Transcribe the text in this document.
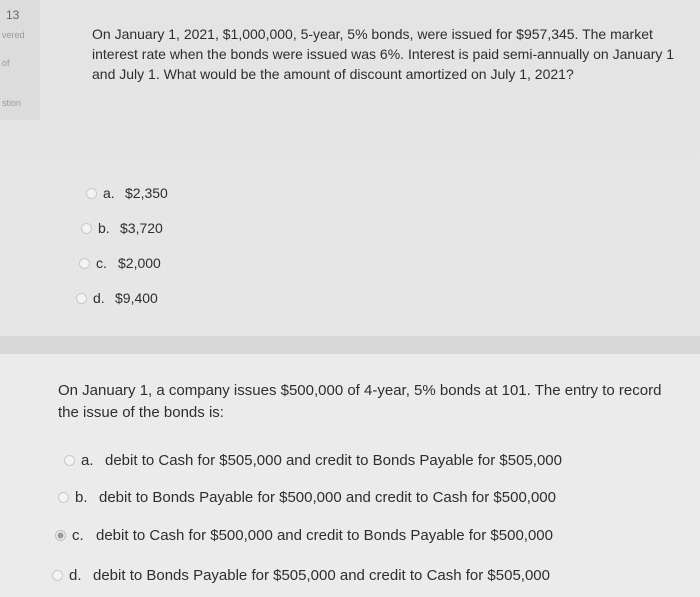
13
vered
of
stion
On January 1, 2021, $1,000,000, 5-year, 5% bonds, were issued for $957,345. The market interest rate when the bonds were issued was 6%. Interest is paid semi-annually on January 1 and July 1. What would be the amount of discount amortized on July 1, 2021?
a. $2,350
b. $3,720
c. $2,000
d. $9,400
On January 1, a company issues $500,000 of 4-year, 5% bonds at 101. The entry to record the issue of the bonds is:
a. debit to Cash for $505,000 and credit to Bonds Payable for $505,000
b. debit to Bonds Payable for $500,000 and credit to Cash for $500,000
c. debit to Cash for $500,000 and credit to Bonds Payable for $500,000
d. debit to Bonds Payable for $505,000 and credit to Cash for $505,000
